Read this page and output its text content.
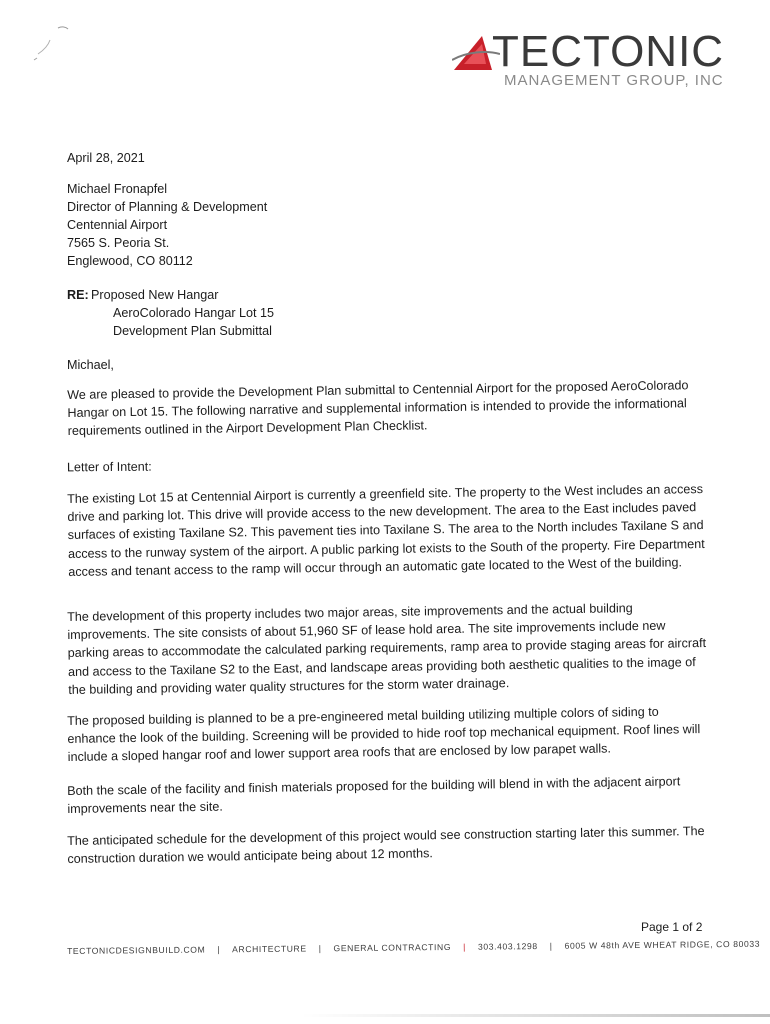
TECTONIC
MANAGEMENT GROUP, INC
April 28, 2021
Michael Fronapfel
Director of Planning & Development
Centennial Airport
7565 S. Peoria St.
Englewood, CO 80112
RE: Proposed New Hangar
AeroColorado Hangar Lot 15
Development Plan Submittal
Michael,
We are pleased to provide the Development Plan submittal to Centennial Airport for the proposed AeroColorado Hangar on Lot 15. The following narrative and supplemental information is intended to provide the informational requirements outlined in the Airport Development Plan Checklist.
Letter of Intent:
The existing Lot 15 at Centennial Airport is currently a greenfield site. The property to the West includes an access drive and parking lot. This drive will provide access to the new development. The area to the East includes paved surfaces of existing Taxilane S2. This pavement ties into Taxilane S. The area to the North includes Taxilane S and access to the runway system of the airport. A public parking lot exists to the South of the property. Fire Department access and tenant access to the ramp will occur through an automatic gate located to the West of the building.
The development of this property includes two major areas, site improvements and the actual building improvements. The site consists of about 51,960 SF of lease hold area. The site improvements include new parking areas to accommodate the calculated parking requirements, ramp area to provide staging areas for aircraft and access to the Taxilane S2 to the East, and landscape areas providing both aesthetic qualities to the image of the building and providing water quality structures for the storm water drainage.
The proposed building is planned to be a pre-engineered metal building utilizing multiple colors of siding to enhance the look of the building. Screening will be provided to hide roof top mechanical equipment. Roof lines will include a sloped hangar roof and lower support area roofs that are enclosed by low parapet walls.
Both the scale of the facility and finish materials proposed for the building will blend in with the adjacent airport improvements near the site.
The anticipated schedule for the development of this project would see construction starting later this summer. The construction duration we would anticipate being about 12 months.
Page 1 of 2
TECTONICDESIGNBUILD.COM | ARCHITECTURE | GENERAL CONTRACTING | 303.403.1298 | 6005 W 48th AVE WHEAT RIDGE, CO 80033
